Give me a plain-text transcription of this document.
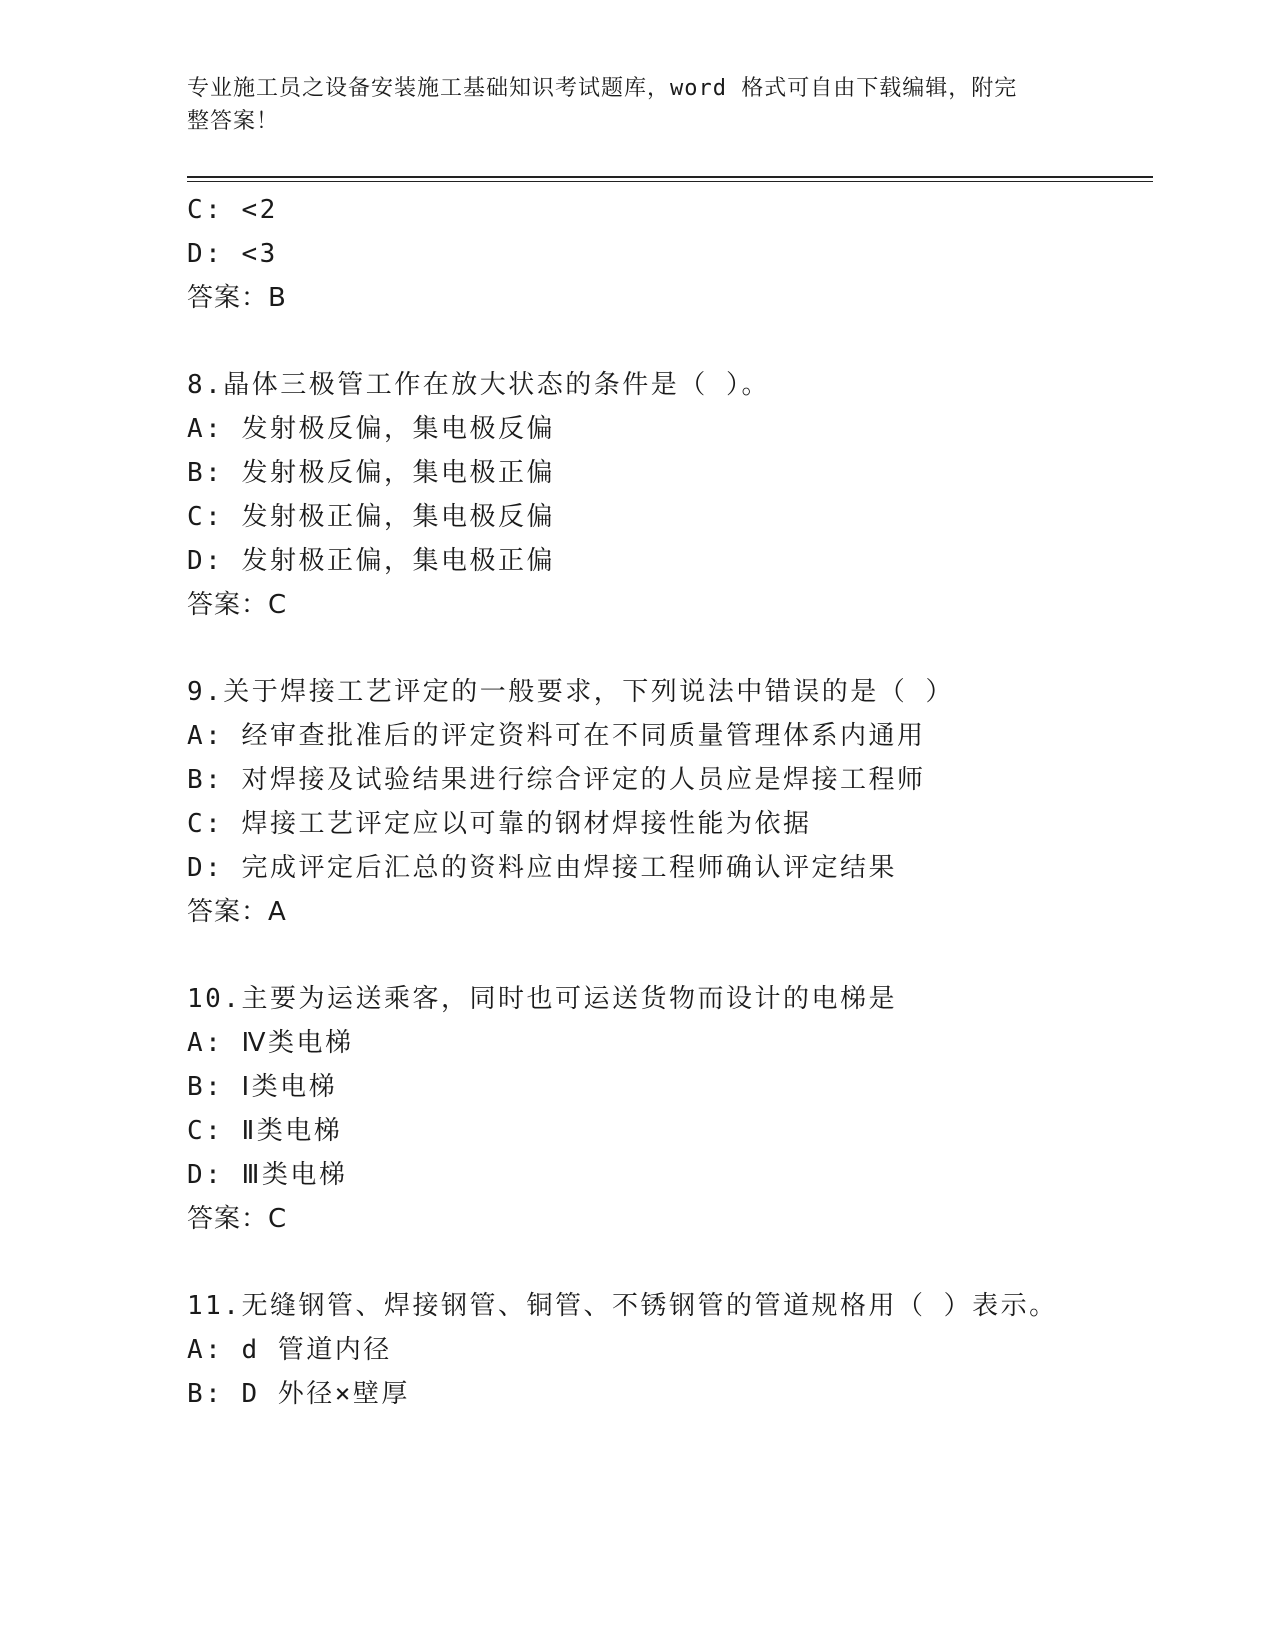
专业施工员之设备安装施工基础知识考试题库，word 格式可自由下载编辑，附完
整答案！
C: <2
D: <3
答案：B
8.晶体三极管工作在放大状态的条件是（ ）。
A: 发射极反偏，集电极反偏
B: 发射极反偏，集电极正偏
C: 发射极正偏，集电极反偏
D: 发射极正偏，集电极正偏
答案：C
9.关于焊接工艺评定的一般要求，下列说法中错误的是（ ）
A: 经审查批准后的评定资料可在不同质量管理体系内通用
B: 对焊接及试验结果进行综合评定的人员应是焊接工程师
C: 焊接工艺评定应以可靠的钢材焊接性能为依据
D: 完成评定后汇总的资料应由焊接工程师确认评定结果
答案：A
10.主要为运送乘客，同时也可运送货物而设计的电梯是
A: Ⅳ类电梯
B: Ⅰ类电梯
C: Ⅱ类电梯
D: Ⅲ类电梯
答案：C
11.无缝钢管、焊接钢管、铜管、不锈钢管的管道规格用（ ）表示。
A: d 管道内径
B: D 外径×壁厚
